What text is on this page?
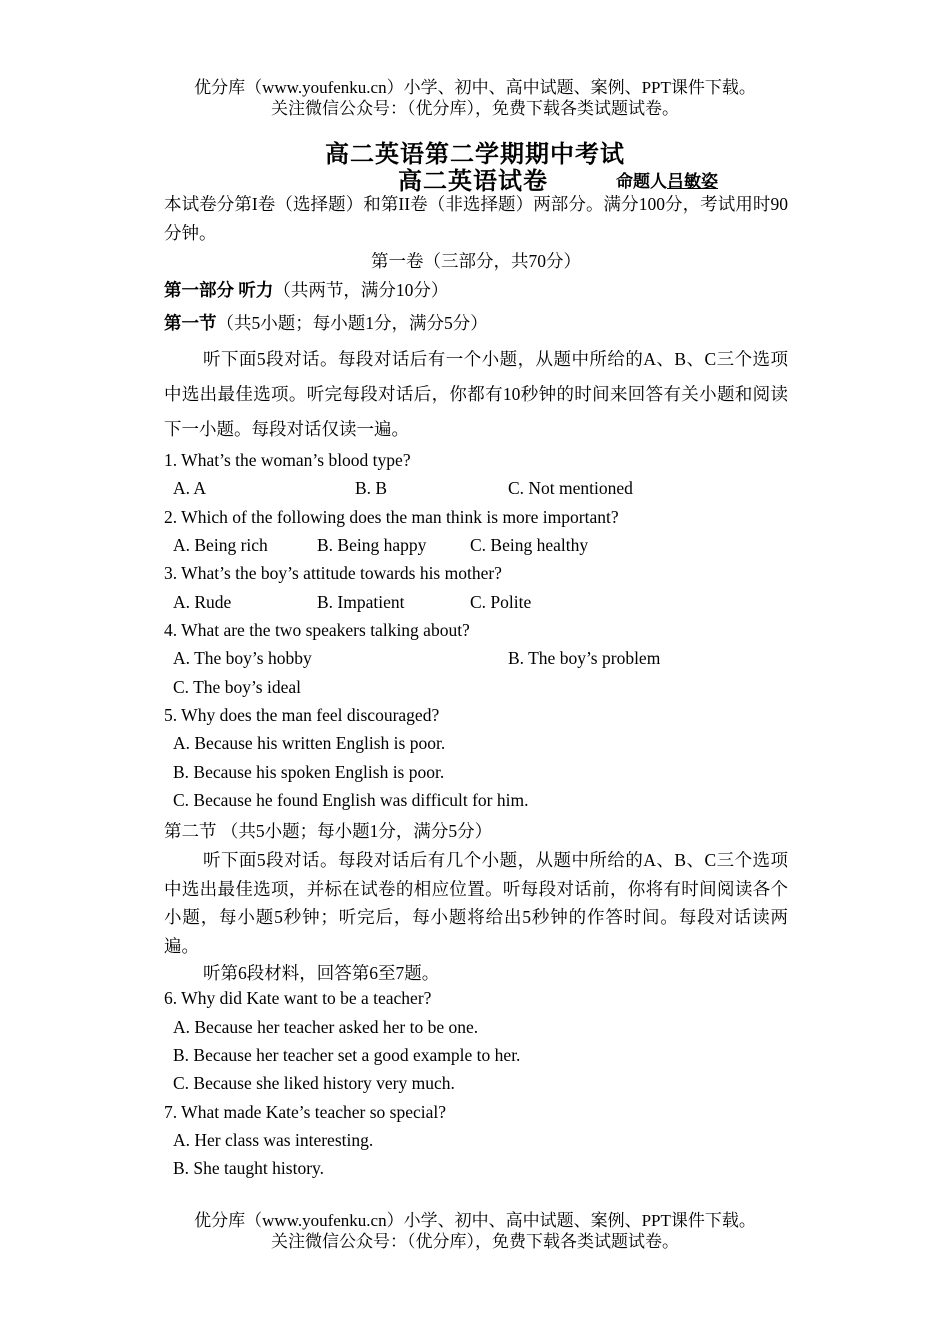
优分库（www.youfenku.cn）小学、初中、高中试题、案例、PPT课件下载。
关注微信公众号：（优分库），免费下载各类试题试卷。
高二英语第二学期期中考试
高二英语试卷	命题人吕敏姿
本试卷分第I卷（选择题）和第II卷（非选择题）两部分。满分100分，考试用时90分钟。
第一卷（三部分，共70分）
第一部分 听力（共两节，满分10分）
第一节（共5小题；每小题1分，满分5分）
听下面5段对话。每段对话后有一个小题，从题中所给的A、B、C三个选项中选出最佳选项。听完每段对话后，你都有10秒钟的时间来回答有关小题和阅读下一小题。每段对话仅读一遍。
1. What’s the woman’s blood type?
A. A	B. B	C. Not mentioned
2. Which of the following does the man think is more important?
A. Being rich	B. Being happy C. Being healthy
3. What’s the boy’s attitude towards his mother?
A. Rude	B. Impatient	C. Polite
4. What are the two speakers talking about?
A. The boy’s hobby	B. The boy’s problem
C. The boy’s ideal
5. Why does the man feel discouraged?
A. Because his written English is poor.
B. Because his spoken English is poor.
C. Because he found English was difficult for him.
第二节 （共5小题；每小题1分，满分5分）
听下面5段对话。每段对话后有几个小题，从题中所给的A、B、C三个选项中选出最佳选项，并标在试卷的相应位置。听每段对话前，你将有时间阅读各个小题，每小题5秒钟；听完后，每小题将给出5秒钟的作答时间。每段对话读两遍。
听第6段材料，回答第6至7题。
6. Why did Kate want to be a teacher?
A. Because her teacher asked her to be one.
B. Because her teacher set a good example to her.
C. Because she liked history very much.
7. What made Kate’s teacher so special?
A. Her class was interesting.
B. She taught history.
优分库（www.youfenku.cn）小学、初中、高中试题、案例、PPT课件下载。
关注微信公众号：（优分库），免费下载各类试题试卷。
